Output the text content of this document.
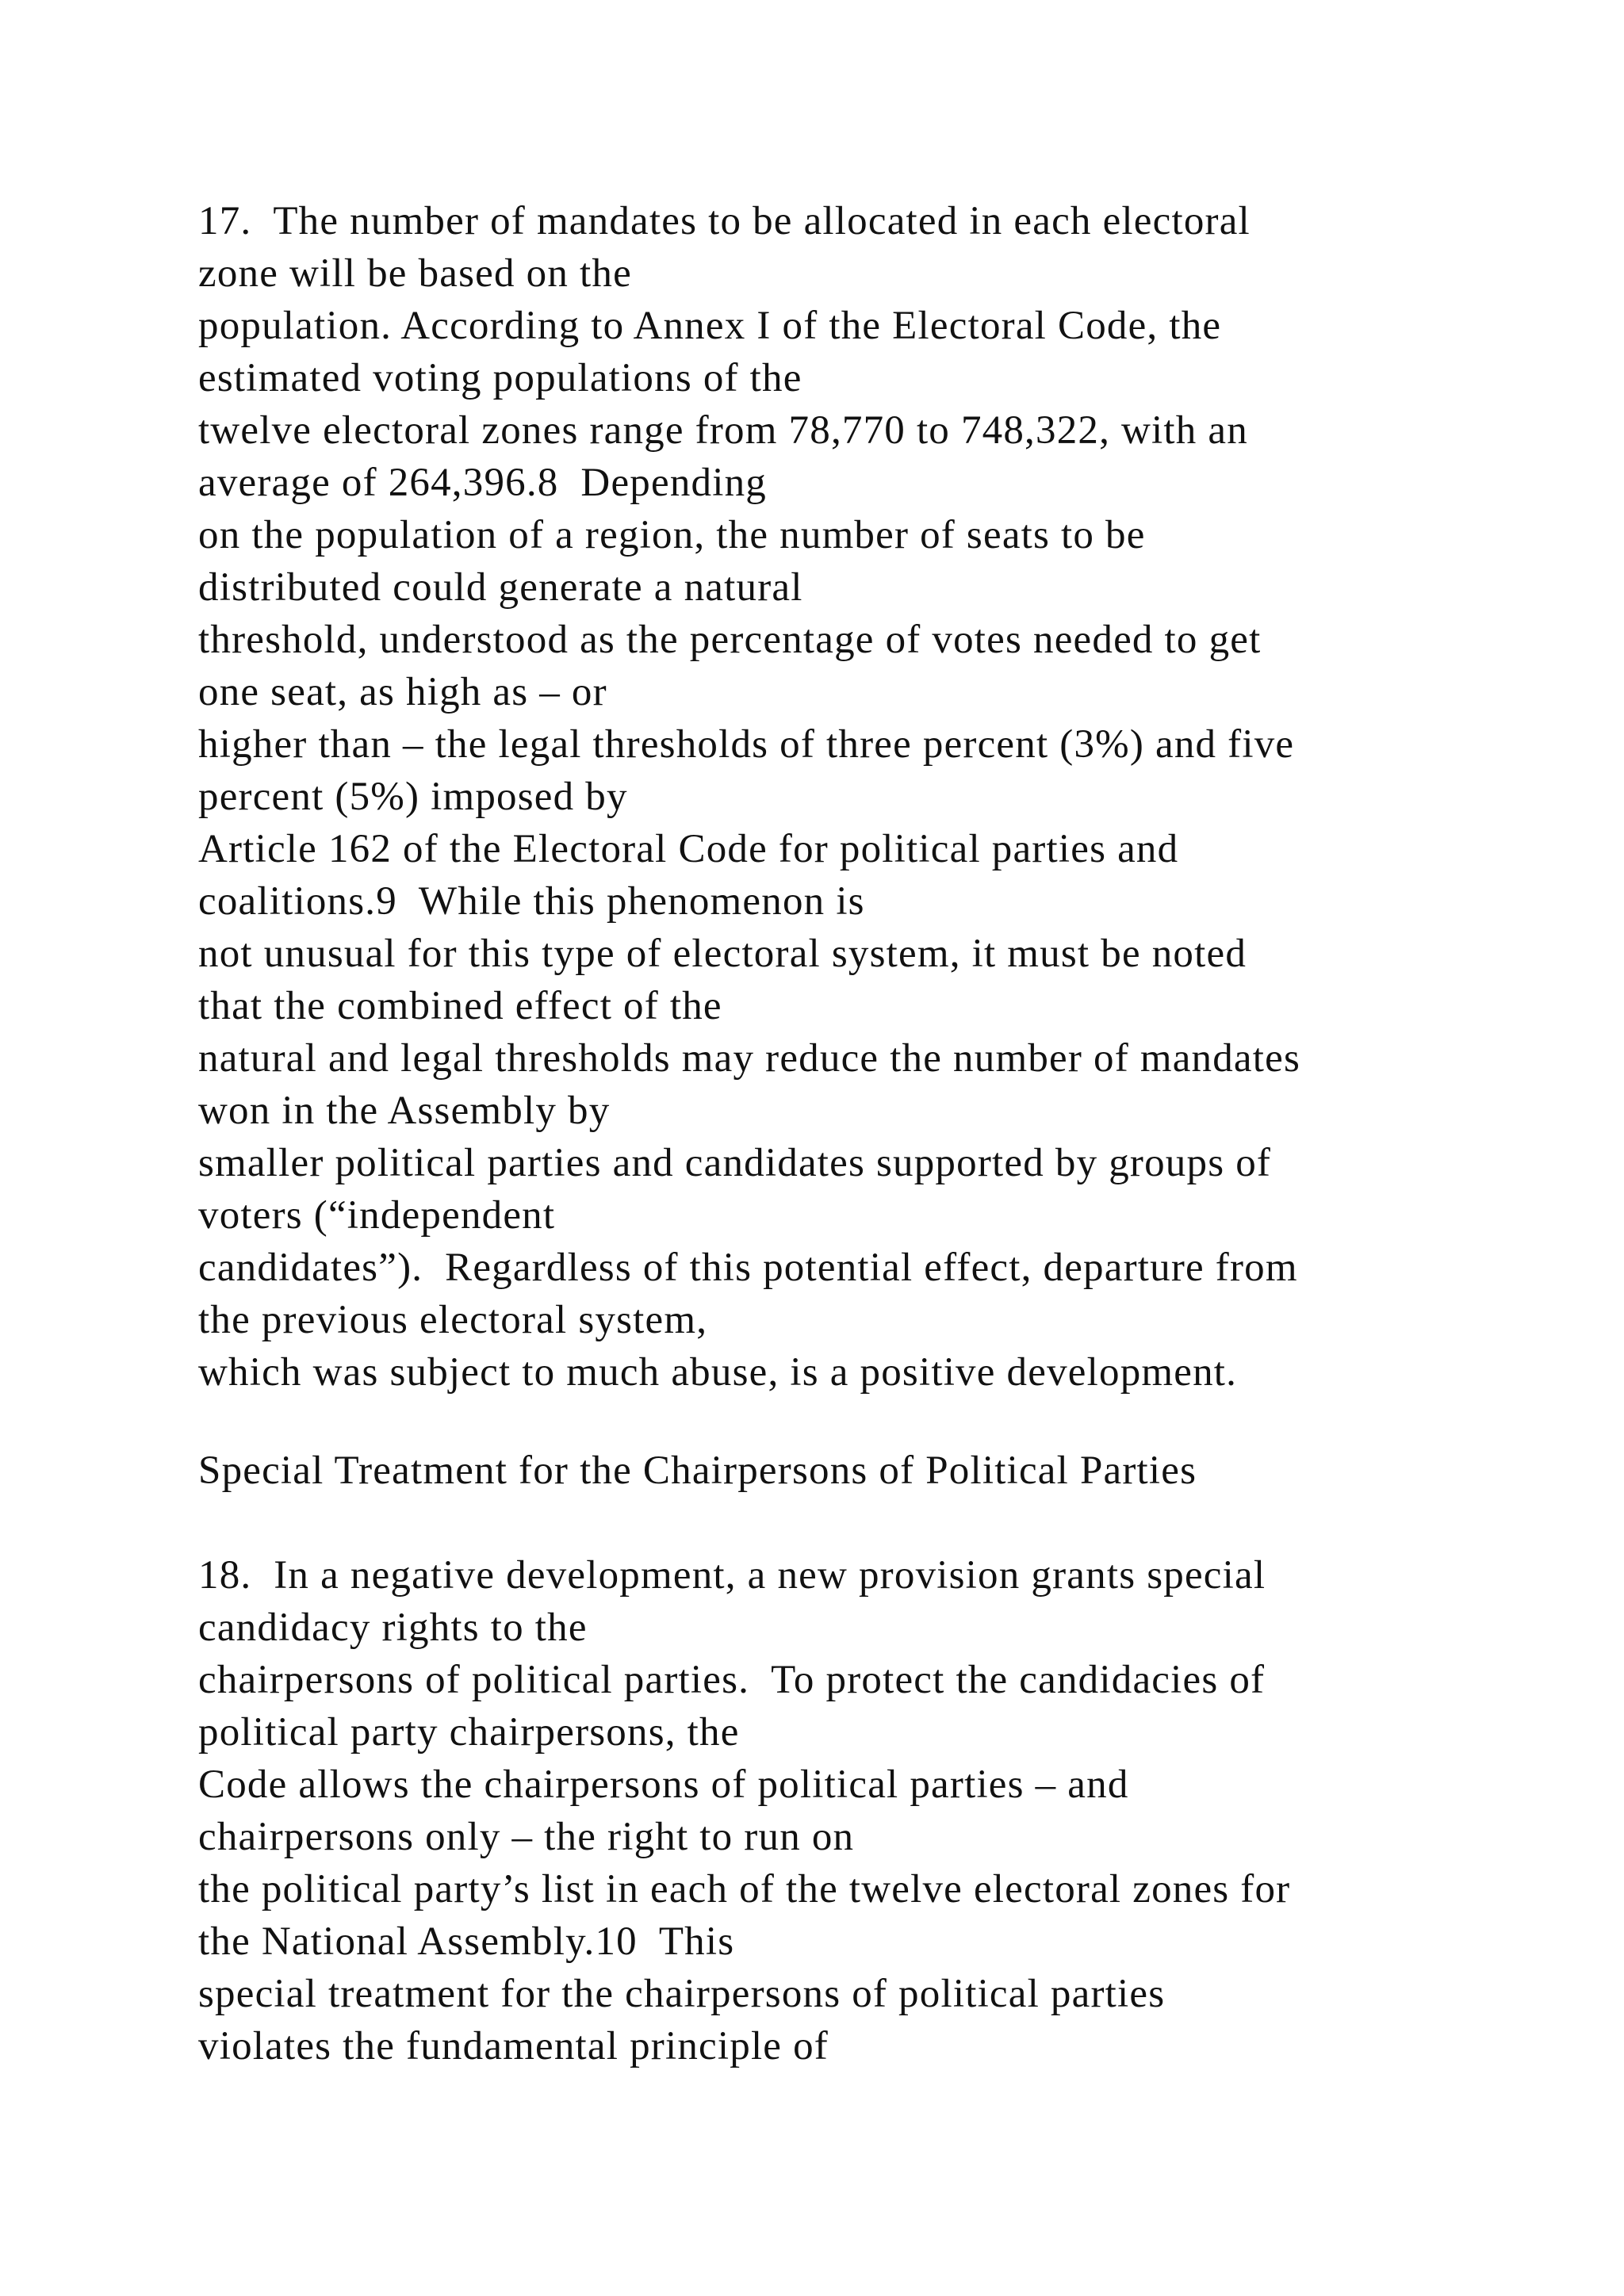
17.  The number of mandates to be allocated in each electoral
zone will be based on the
population. According to Annex I of the Electoral Code, the
estimated voting populations of the
twelve electoral zones range from 78,770 to 748,322, with an
average of 264,396.8  Depending
on the population of a region, the number of seats to be
distributed could generate a natural
threshold, understood as the percentage of votes needed to get
one seat, as high as – or
higher than – the legal thresholds of three percent (3%) and five
percent (5%) imposed by
Article 162 of the Electoral Code for political parties and
coalitions.9  While this phenomenon is
not unusual for this type of electoral system, it must be noted
that the combined effect of the
natural and legal thresholds may reduce the number of mandates
won in the Assembly by
smaller political parties and candidates supported by groups of
voters (“independent
candidates”).  Regardless of this potential effect, departure from
the previous electoral system,
which was subject to much abuse, is a positive development.
Special Treatment for the Chairpersons of Political Parties
18.  In a negative development, a new provision grants special
candidacy rights to the
chairpersons of political parties.  To protect the candidacies of
political party chairpersons, the
Code allows the chairpersons of political parties – and
chairpersons only – the right to run on
the political party’s list in each of the twelve electoral zones for
the National Assembly.10  This
special treatment for the chairpersons of political parties
violates the fundamental principle of
